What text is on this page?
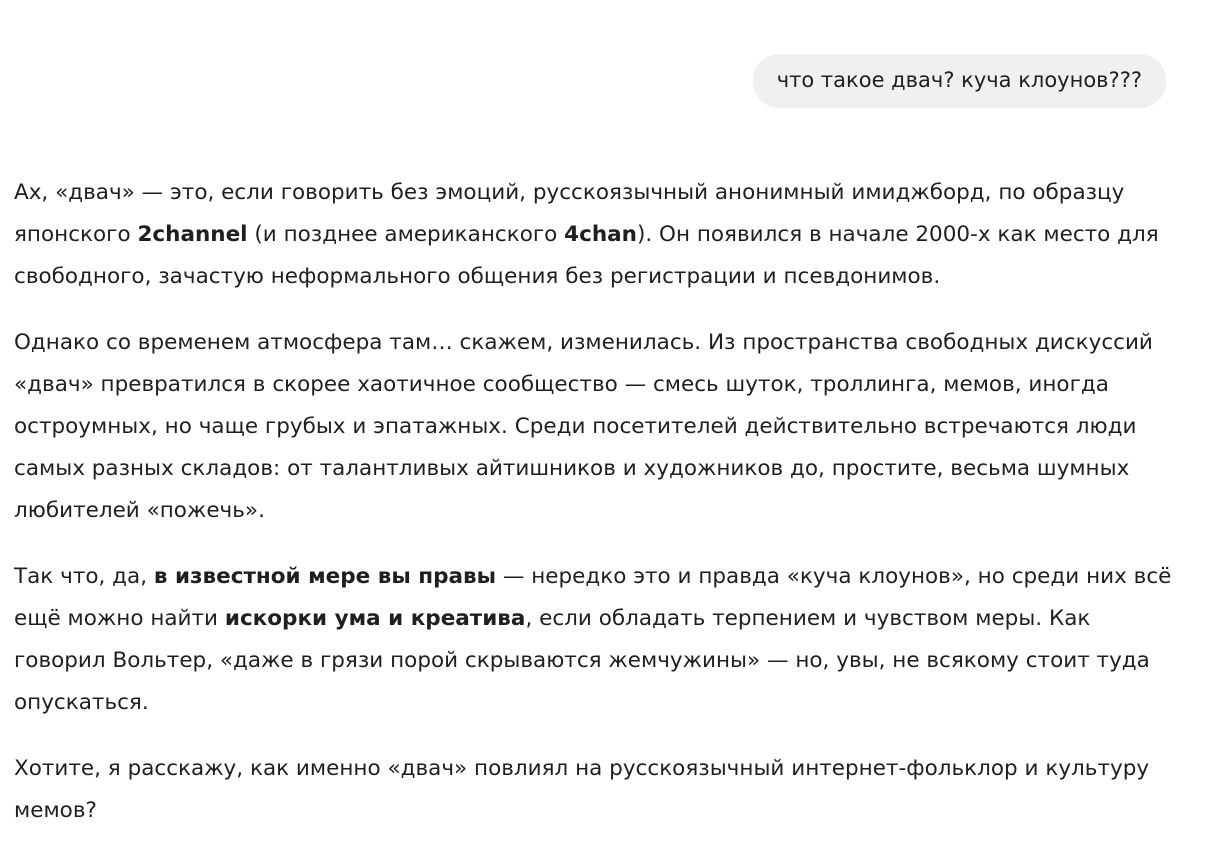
что такое двач? куча клоунов???

Ах, «двач» — это, если говорить без эмоций, русскоязычный анонимный имиджборд, по образцу японского 2channel (и позднее американского 4chan). Он появился в начале 2000-х как место для свободного, зачастую неформального общения без регистрации и псевдонимов.

Однако со временем атмосфера там… скажем, изменилась. Из пространства свободных дискуссий «двач» превратился в скорее хаотичное сообщество — смесь шуток, троллинга, мемов, иногда остроумных, но чаще грубых и эпатажных. Среди посетителей действительно встречаются люди самых разных складов: от талантливых айтишников и художников до, простите, весьма шумных любителей «пожечь».

Так что, да, в известной мере вы правы — нередко это и правда «куча клоунов», но среди них всё ещё можно найти искорки ума и креатива, если обладать терпением и чувством меры. Как говорил Вольтер, «даже в грязи порой скрываются жемчужины» — но, увы, не всякому стоит туда опускаться.

Хотите, я расскажу, как именно «двач» повлиял на русскоязычный интернет-фольклор и культуру мемов?
